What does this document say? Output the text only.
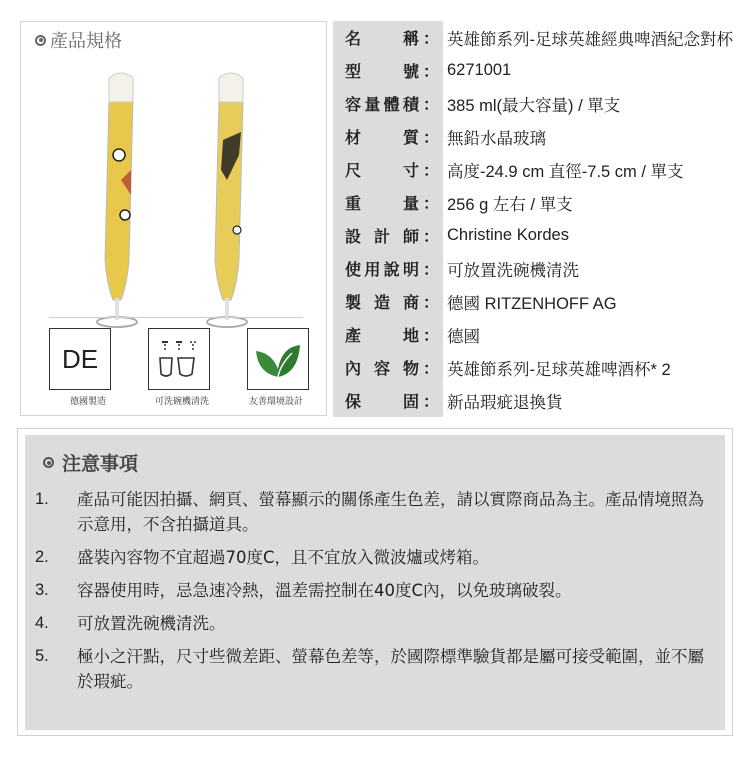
產品規格
DE
德國製造	可洗碗機清洗	友善環境設計
名	稱 ： 英雄節系列-足球英雄經典啤酒紀念對杯
型	號 ： 6271001
容 量 體 積 ： 385 ml(最大容量) / 單支
材	質 ： 無鉛水晶玻璃
尺	寸 ： 高度-24.9 cm 直徑-7.5 cm / 單支
重	量 ： 256 g 左右 / 單支
設 計 師 ： Christine Kordes
使 用 說 明 ： 可放置洗碗機清洗
製 造 商 ： 德國 RITZENHOFF AG
產	地 ： 德國
內 容 物 ： 英雄節系列-足球英雄啤酒杯* 2
保	固 ： 新品瑕疵退換貨
注意事項
1.	產品可能因拍攝、網頁、螢幕顯示的關係產生色差，請以實際商品為主。產品情境照為示意用，不含拍攝道具。
2.	盛裝內容物不宜超過70度C，且不宜放入微波爐或烤箱。
3.	容器使用時，忌急速冷熱，溫差需控制在40度C內，以免玻璃破裂。
4.	可放置洗碗機清洗。
5.	極小之汗點，尺寸些微差距、螢幕色差等，於國際標準驗貨都是屬可接受範圍，並不屬於瑕疵。
